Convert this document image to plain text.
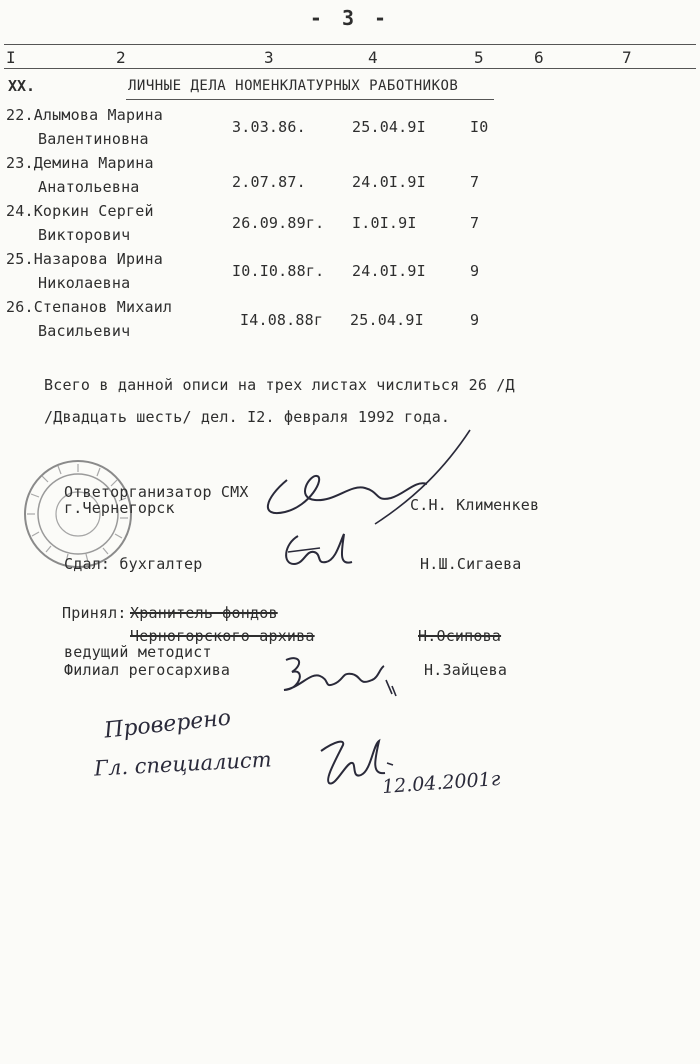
- 3 -
I	2	3	4	5	6	7
XX.	ЛИЧНЫЕ ДЕЛА НОМЕНКЛАТУРНЫХ РАБОТНИКОВ
22.Алымова Марина
Валентиновна
3.03.86.	25.04.9I	I0
23.Демина Марина
Анатольевна	2.07.87.	24.0I.9I	7
24.Коркин Сергей
Викторович
26.09.89г. I.0I.9I	7
25.Назарова Ирина
Николаевна
I0.I0.88г. 24.0I.9I	9
26.Степанов Михаил
Васильевич
I4.08.88г 25.04.9I	9
Всего в данной описи на трех листах числиться 26 /Д
/Двадцать шесть/ дел. I2. февраля 1992 года.
Ответорганизатор СМХ
г.Чернегорск	С.Н. Клименкев
Сдал: бухгалтер	Н.Ш.Сигаева
Принял: Хранитель фондов
Черногорского архива	Н.Осипова
ведущий методист
Филиал регосархива	Н.Зайцева
Проверено
Гл. специалист
12.04.2001г
